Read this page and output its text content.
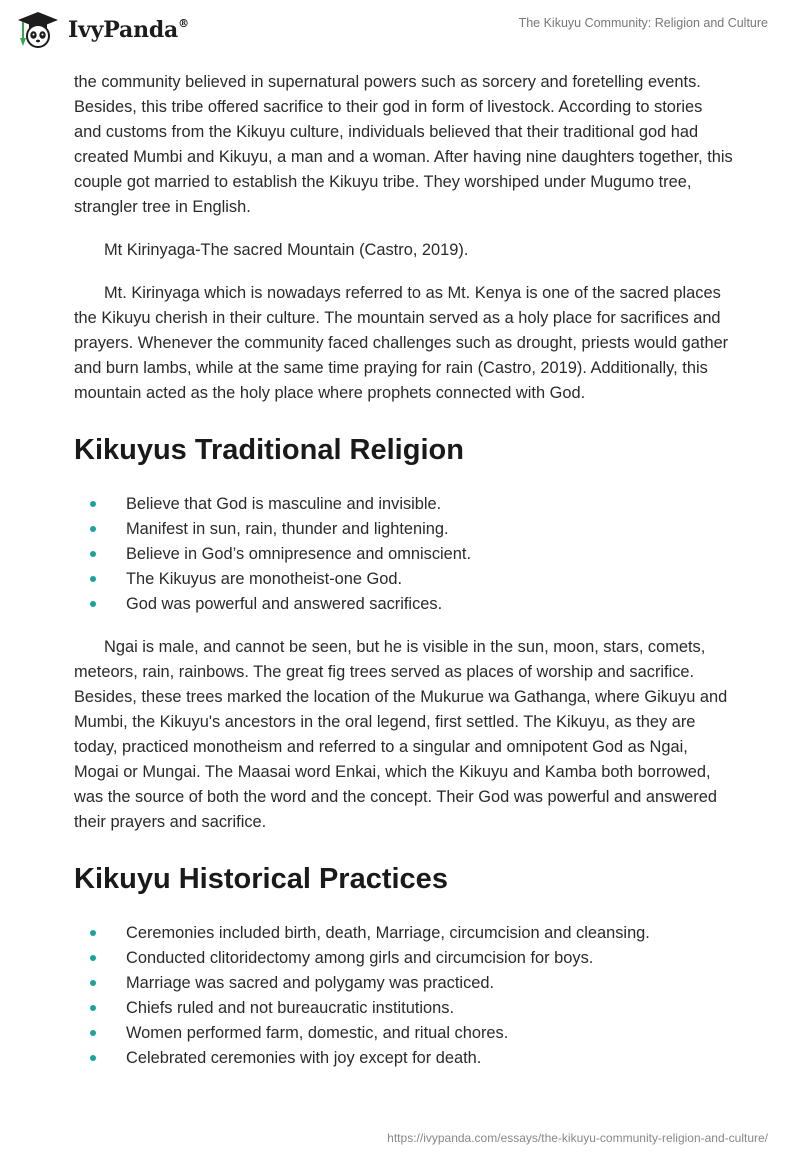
IvyPanda®	The Kikuyu Community: Religion and Culture

the community believed in supernatural powers such as sorcery and foretelling events. Besides, this tribe offered sacrifice to their god in form of livestock. According to stories and customs from the Kikuyu culture, individuals believed that their traditional god had created Mumbi and Kikuyu, a man and a woman. After having nine daughters together, this couple got married to establish the Kikuyu tribe. They worshiped under Mugumo tree, strangler tree in English.

Mt Kirinyaga-The sacred Mountain (Castro, 2019).

Mt. Kirinyaga which is nowadays referred to as Mt. Kenya is one of the sacred places the Kikuyu cherish in their culture. The mountain served as a holy place for sacrifices and prayers. Whenever the community faced challenges such as drought, priests would gather and burn lambs, while at the same time praying for rain (Castro, 2019). Additionally, this mountain acted as the holy place where prophets connected with God.

Kikuyus Traditional Religion
Believe that God is masculine and invisible.
Manifest in sun, rain, thunder and lightening.
Believe in God’s omnipresence and omniscient.
The Kikuyus are monotheist-one God.
God was powerful and answered sacrifices.

Ngai is male, and cannot be seen, but he is visible in the sun, moon, stars, comets, meteors, rain, rainbows. The great fig trees served as places of worship and sacrifice. Besides, these trees marked the location of the Mukurue wa Gathanga, where Gikuyu and Mumbi, the Kikuyu's ancestors in the oral legend, first settled. The Kikuyu, as they are today, practiced monotheism and referred to a singular and omnipotent God as Ngai, Mogai or Mungai. The Maasai word Enkai, which the Kikuyu and Kamba both borrowed, was the source of both the word and the concept. Their God was powerful and answered their prayers and sacrifice.

Kikuyu Historical Practices
Ceremonies included birth, death, Marriage, circumcision and cleansing.
Conducted clitoridectomy among girls and circumcision for boys.
Marriage was sacred and polygamy was practiced.
Chiefs ruled and not bureaucratic institutions.
Women performed farm, domestic, and ritual chores.
Celebrated ceremonies with joy except for death.
https://ivypanda.com/essays/the-kikuyu-community-religion-and-culture/
